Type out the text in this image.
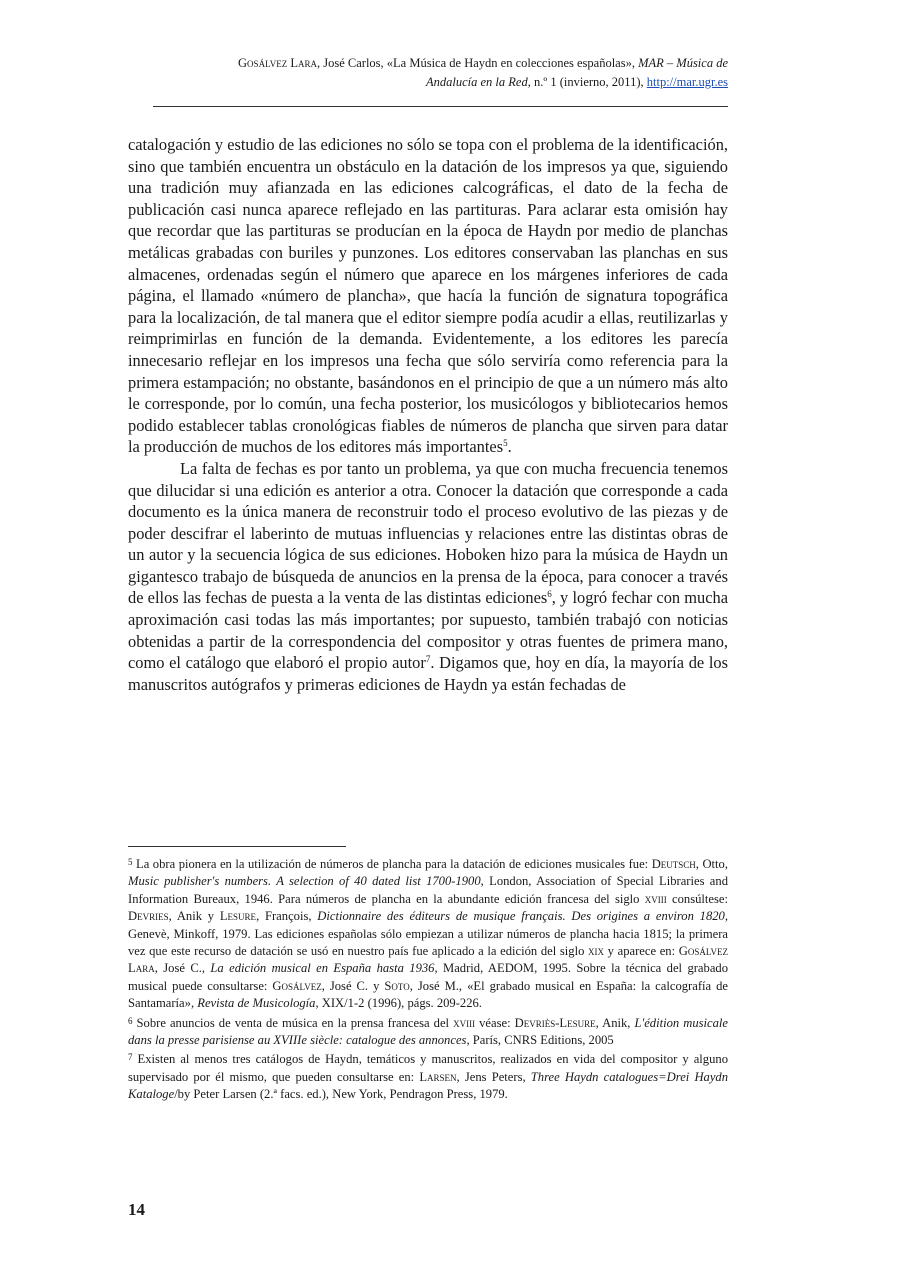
Gosálvez Lara, José Carlos, «La Música de Haydn en colecciones españolas», MAR – Música de
Andalucía en la Red, n.º 1 (invierno, 2011), http://mar.ugr.es

catalogación y estudio de las ediciones no sólo se topa con el problema de la identificación, sino que también encuentra un obstáculo en la datación de los impresos ya que, siguiendo una tradición muy afianzada en las ediciones calcográficas, el dato de la fecha de publicación casi nunca aparece reflejado en las partituras. Para aclarar esta omisión hay que recordar que las partituras se producían en la época de Haydn por medio de planchas metálicas grabadas con buriles y punzones. Los editores conservaban las planchas en sus almacenes, ordenadas según el número que aparece en los márgenes inferiores de cada página, el llamado «número de plancha», que hacía la función de signatura topográfica para la localización, de tal manera que el editor siempre podía acudir a ellas, reutilizarlas y reimprimirlas en función de la demanda. Evidentemente, a los editores les parecía innecesario reflejar en los impresos una fecha que sólo serviría como referencia para la primera estampación; no obstante, basándonos en el principio de que a un número más alto le corresponde, por lo común, una fecha posterior, los musicólogos y bibliotecarios hemos podido establecer tablas cronológicas fiables de números de plancha que sirven para datar la producción de muchos de los editores más importantes$^5$.

La falta de fechas es por tanto un problema, ya que con mucha frecuencia tenemos que dilucidar si una edición es anterior a otra. Conocer la datación que corresponde a cada documento es la única manera de reconstruir todo el proceso evolutivo de las piezas y de poder descifrar el laberinto de mutuas influencias y relaciones entre las distintas obras de un autor y la secuencia lógica de sus ediciones. Hoboken hizo para la música de Haydn un gigantesco trabajo de búsqueda de anuncios en la prensa de la época, para conocer a través de ellos las fechas de puesta a la venta de las distintas ediciones$^6$, y logró fechar con mucha aproximación casi todas las más importantes; por supuesto, también trabajó con noticias obtenidas a partir de la correspondencia del compositor y otras fuentes de primera mano, como el catálogo que elaboró el propio autor$^7$. Digamos que, hoy en día, la mayoría de los manuscritos autógrafos y primeras ediciones de Haydn ya están fechadas de

$^5$ La obra pionera en la utilización de números de plancha para la datación de ediciones musicales fue: Deutsch, Otto, Music publisher's numbers. A selection of 40 dated list 1700-1900, London, Association of Special Libraries and Information Bureaux, 1946. Para números de plancha en la abundante edición francesa del siglo xviii consúltese: Devries, Anik y Lesure, François, Dictionnaire des éditeurs de musique français. Des origines a environ 1820, Genevè, Minkoff, 1979. Las ediciones españolas sólo empiezan a utilizar números de plancha hacia 1815; la primera vez que este recurso de datación se usó en nuestro país fue aplicado a la edición del siglo xix y aparece en: Gosálvez Lara, José C., La edición musical en España hasta 1936, Madrid, AEDOM, 1995. Sobre la técnica del grabado musical puede consultarse: Gosálvez, José C. y Soto, José M., «El grabado musical en España: la calcografía de Santamaría», Revista de Musicología, XIX/1-2 (1996), págs. 209-226.

$^6$ Sobre anuncios de venta de música en la prensa francesa del xviii véase: Devriès-Lesure, Anik, L'édition musicale dans la presse parisiense au XVIIIe siècle: catalogue des annonces, París, CNRS Editions, 2005

$^7$ Existen al menos tres catálogos de Haydn, temáticos y manuscritos, realizados en vida del compositor y alguno supervisado por él mismo, que pueden consultarse en: Larsen, Jens Peters, Three Haydn catalogues=Drei Haydn Kataloge/by Peter Larsen (2.ª facs. ed.), New York, Pendragon Press, 1979.

14
